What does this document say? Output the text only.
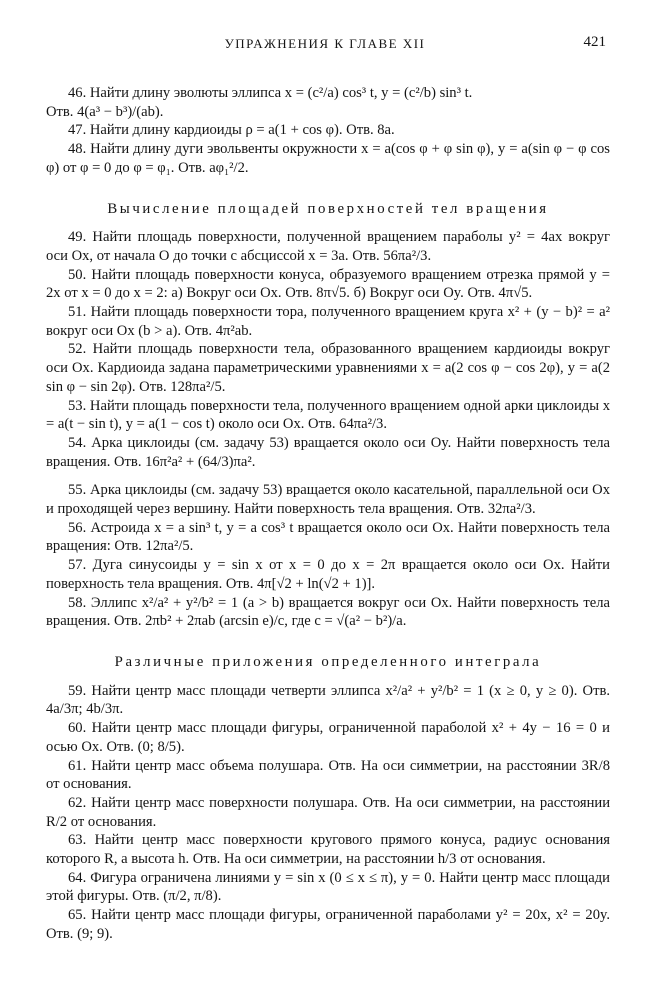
УПРАЖНЕНИЯ К ГЛАВЕ XII	421

46. Найти длину эволюты эллипса x = (c²/a) cos³ t, y = (c²/b) sin³ t.

Отв. 4(a³ − b³)/(ab).

47. Найти длину кардиоиды ρ = a(1 + cos φ). Отв. 8a.

48. Найти длину дуги эвольвенты окружности x = a(cos φ + φ sin φ), y = a(sin φ − φ cos φ) от φ = 0 до φ = φ₁. Отв. aφ₁²/2.

Вычисление площадей поверхностей тел вращения

49. Найти площадь поверхности, полученной вращением параболы y² = 4ax вокруг оси Ox, от начала O до точки с абсциссой x = 3a. Отв. 56πa²/3.

50. Найти площадь поверхности конуса, образуемого вращением отрезка прямой y = 2x от x = 0 до x = 2: а) Вокруг оси Ox. Отв. 8π√5. б) Вокруг оси Oy. Отв. 4π√5.

51. Найти площадь поверхности тора, полученного вращением круга x² + (y − b)² = a² вокруг оси Ox (b > a). Отв. 4π²ab.

52. Найти площадь поверхности тела, образованного вращением кардиоиды вокруг оси Ox. Кардиоида задана параметрическими уравнениями x = a(2 cos φ − cos 2φ), y = a(2 sin φ − sin 2φ). Отв. 128πa²/5.

53. Найти площадь поверхности тела, полученного вращением одной арки циклоиды x = a(t − sin t), y = a(1 − cos t) около оси Ox. Отв. 64πa²/3.

54. Арка циклоиды (см. задачу 53) вращается около оси Oy. Найти поверхность тела вращения. Отв. 16π²a² + (64/3)πa².

55. Арка циклоиды (см. задачу 53) вращается около касательной, параллельной оси Ox и проходящей через вершину. Найти поверхность тела вращения. Отв. 32πa²/3.

56. Астроида x = a sin³ t, y = a cos³ t вращается около оси Ox. Найти поверхность тела вращения: Отв. 12πa²/5.

57. Дуга синусоиды y = sin x от x = 0 до x = 2π вращается около оси Ox. Найти поверхность тела вращения. Отв. 4π[√2 + ln(√2 + 1)].

58. Эллипс x²/a² + y²/b² = 1 (a > b) вращается вокруг оси Ox. Найти поверхность тела вращения. Отв. 2πb² + 2πab (arcsin e)/c, где c = √(a² − b²)/a.

Различные приложения определенного интеграла

59. Найти центр масс площади четверти эллипса x²/a² + y²/b² = 1 (x ≥ 0, y ≥ 0). Отв. 4a/3π; 4b/3π.

60. Найти центр масс площади фигуры, ограниченной параболой x² + 4y − 16 = 0 и осью Ox. Отв. (0; 8/5).

61. Найти центр масс объема полушара. Отв. На оси симметрии, на расстоянии 3R/8 от основания.

62. Найти центр масс поверхности полушара. Отв. На оси симметрии, на расстоянии R/2 от основания.

63. Найти центр масс поверхности кругового прямого конуса, радиус основания которого R, а высота h. Отв. На оси симметрии, на расстоянии h/3 от основания.

64. Фигура ограничена линиями y = sin x (0 ≤ x ≤ π), y = 0. Найти центр масс площади этой фигуры. Отв. (π/2, π/8).

65. Найти центр масс площади фигуры, ограниченной параболами y² = 20x, x² = 20y. Отв. (9; 9).
